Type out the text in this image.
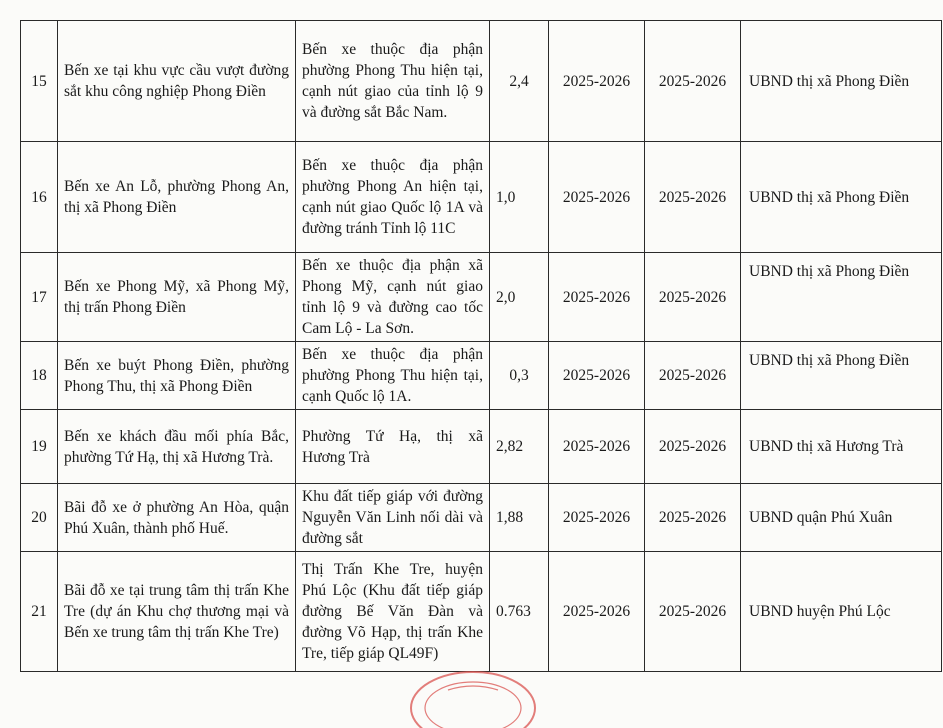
15	Bến xe tại khu vực cầu vượt đường sắt khu công nghiệp Phong Điền	Bến xe thuộc địa phận phường Phong Thu hiện tại, cạnh nút giao của tỉnh lộ 9 và đường sắt Bắc Nam.	2,4	2025-2026	2025-2026	UBND thị xã Phong Điền
16	Bến xe An Lỗ, phường Phong An, thị xã Phong Điền	Bến xe thuộc địa phận phường Phong An hiện tại, cạnh nút giao Quốc lộ 1A và đường tránh Tỉnh lộ 11C	1,0	2025-2026	2025-2026	UBND thị xã Phong Điền
17	Bến xe Phong Mỹ, xã Phong Mỹ, thị trấn Phong Điền	Bến xe thuộc địa phận xã Phong Mỹ, cạnh nút giao tỉnh lộ 9 và đường cao tốc Cam Lộ - La Sơn.	2,0	2025-2026	2025-2026	UBND thị xã Phong Điền
18	Bến xe buýt Phong Điền, phường Phong Thu, thị xã Phong Điền	Bến xe thuộc địa phận phường Phong Thu hiện tại, cạnh Quốc lộ 1A.	0,3	2025-2026	2025-2026	UBND thị xã Phong Điền
19	Bến xe khách đầu mối phía Bắc, phường Tứ Hạ, thị xã Hương Trà.	Phường Tứ Hạ, thị xã Hương Trà	2,82	2025-2026	2025-2026	UBND thị xã Hương Trà
20	Bãi đỗ xe ở phường An Hòa, quận Phú Xuân, thành phố Huế.	Khu đất tiếp giáp với đường Nguyễn Văn Linh nối dài và đường sắt	1,88	2025-2026	2025-2026	UBND quận Phú Xuân
21	Bãi đỗ xe tại trung tâm thị trấn Khe Tre (dự án Khu chợ thương mại và Bến xe trung tâm thị trấn Khe Tre)	Thị Trấn Khe Tre, huyện Phú Lộc (Khu đất tiếp giáp đường Bế Văn Đàn và đường Võ Hạp, thị trấn Khe Tre, tiếp giáp QL49F)	0.763	2025-2026	2025-2026	UBND huyện Phú Lộc
